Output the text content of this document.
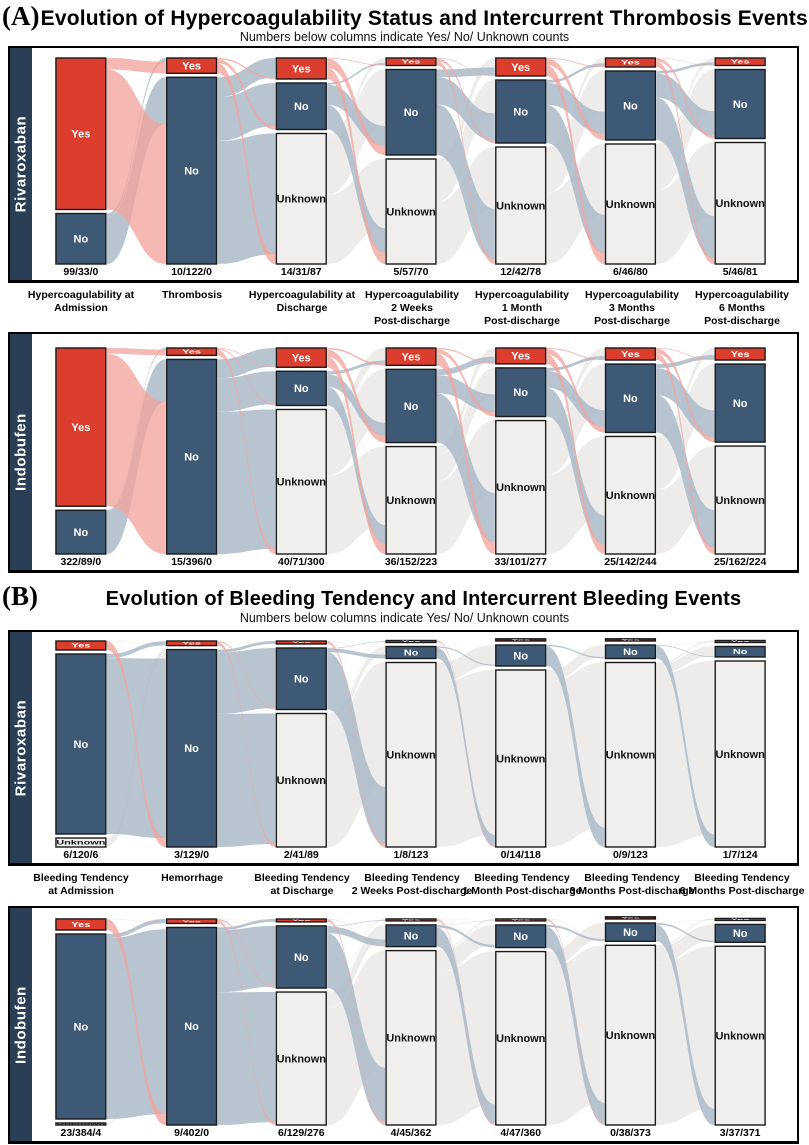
(A) Evolution of Hypercoagulability Status and Intercurrent Thrombosis Events
Numbers below columns indicate Yes/ No/ Unknown counts
Rivaroxaban	Yes
No
99/33/0
Yes
No
10/122/0
Yes
No
Unknown
14/31/87
Yes
No
Unknown
5/57/70
Yes
No
Unknown
12/42/78
Yes
No
Unknown
6/46/80
Yes
No
Unknown
5/46/81
Hypercoagulability at
Admission
Thrombosis	Hypercoagulability at
Discharge
Hypercoagulability
2 Weeks
Post-discharge
Hypercoagulability
1 Month
Post-discharge
Hypercoagulability
3 Months
Post-discharge
Hypercoagulability
6 Months
Post-discharge
Indobufen	Yes
No
322/89/0
Yes
No
15/396/0
Yes
No
Unknown
40/71/300
Yes
No
Unknown
36/152/223
Yes
No
Unknown
33/101/277
Yes
No
Unknown
25/142/244
Yes
No
Unknown
25/162/224
(B)	Evolution of Bleeding Tendency and Intercurrent Bleeding Events
Numbers below columns indicate Yes/ No/ Unknown counts
Rivaroxaban
Yes
No
Unknown
6/120/6
Yes
No
3/129/0
Yes
No
Unknown
2/41/89
Yes
No
Unknown
1/8/123
Yes
No
Unknown
0/14/118
Yes
No
Unknown
0/9/123
Yes
No
Unknown
1/7/124
Bleeding Tendency
at Admission
Hemorrhage	Bleeding Tendency
at Discharge
Bleeding Tendency
2 Weeks Post-discharge
Bleeding Tendency
1 Month Post-discharge
Bleeding Tendency
3 Months Post-discharge
Bleeding Tendency
6 Months Post-discharge
Indobufen
Yes
No
Unknown
23/384/4
Yes
No
9/402/0
Yes
No
Unknown
6/129/276
Yes
No
Unknown
4/45/362
Yes
No
Unknown
4/47/360
Yes
No
Unknown
0/38/373
Yes
No
Unknown
3/37/371
